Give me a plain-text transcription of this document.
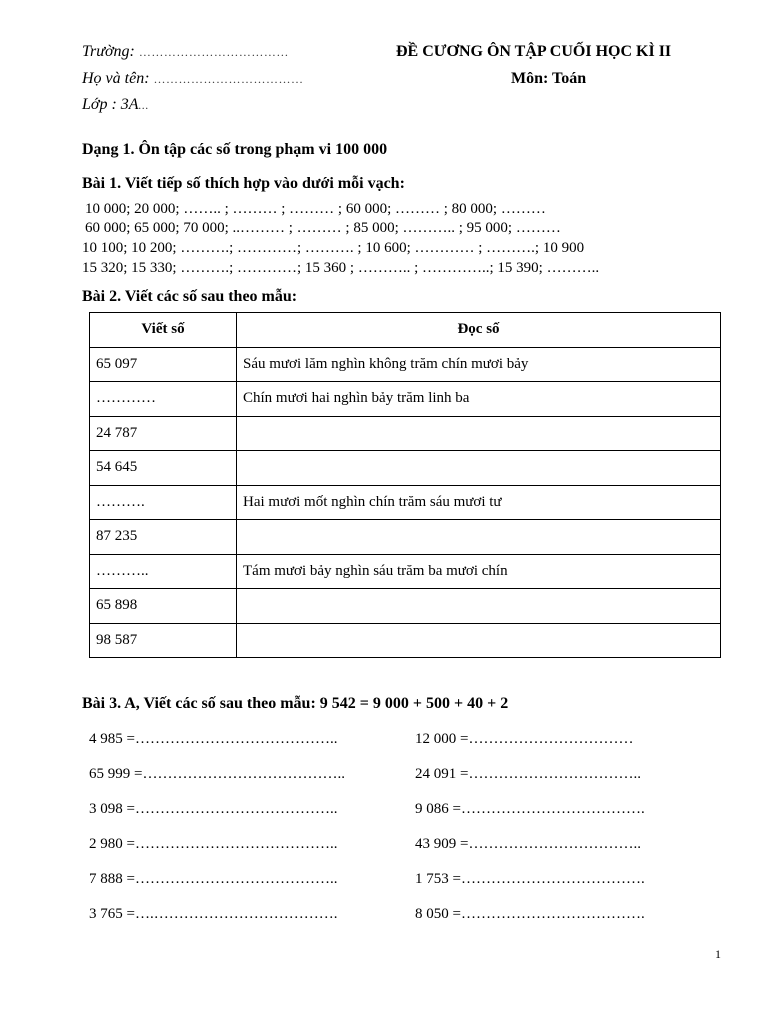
Trường: ………………………………
Họ và tên: ………………………………
Lớp : 3A...
ĐỀ CƯƠNG ÔN TẬP CUỐI HỌC KÌ II
Môn: Toán
Dạng 1. Ôn tập các số trong phạm vi 100 000
Bài 1. Viết tiếp số thích hợp vào dưới mỗi vạch:
10 000; 20 000; …….. ; ……… ; ……… ; 60 000; ……… ; 80 000; ………
60 000; 65 000; 70 000; ..……… ; ……… ; 85 000; ……….. ; 95 000; ………
10 100; 10 200; ……….; …………; ………. ; 10 600; ………… ; ……….; 10 900
15 320; 15 330; ……….; …………; 15 360 ; ……….. ; …………..; 15 390; ………..
Bài 2. Viết các số sau theo mẫu:
Viết số	Đọc số
65 097	Sáu mươi lăm nghìn không trăm chín mươi bảy
…………	Chín mươi hai nghìn bảy trăm linh ba
24 787	
54 645	
……….	Hai mươi mốt nghìn chín trăm sáu mươi tư
87 235	
………..	Tám mươi bảy nghìn sáu trăm ba mươi chín
65 898	
98 587	
Bài 3. A, Viết các số sau theo mẫu: 9 542 = 9 000 + 500 + 40 + 2
4 985 =…………………………………..
65 999 =…………………………………..
3 098 =…………………………………..
2 980 =…………………………………..
7 888 =…………………………………..
3 765 =….……………………………….
12 000 =……………………………
24 091 =……………………………..
9 086 =……………………………….
43 909 =……………………………..
1 753 =……………………………….
8 050 =……………………………….
1
